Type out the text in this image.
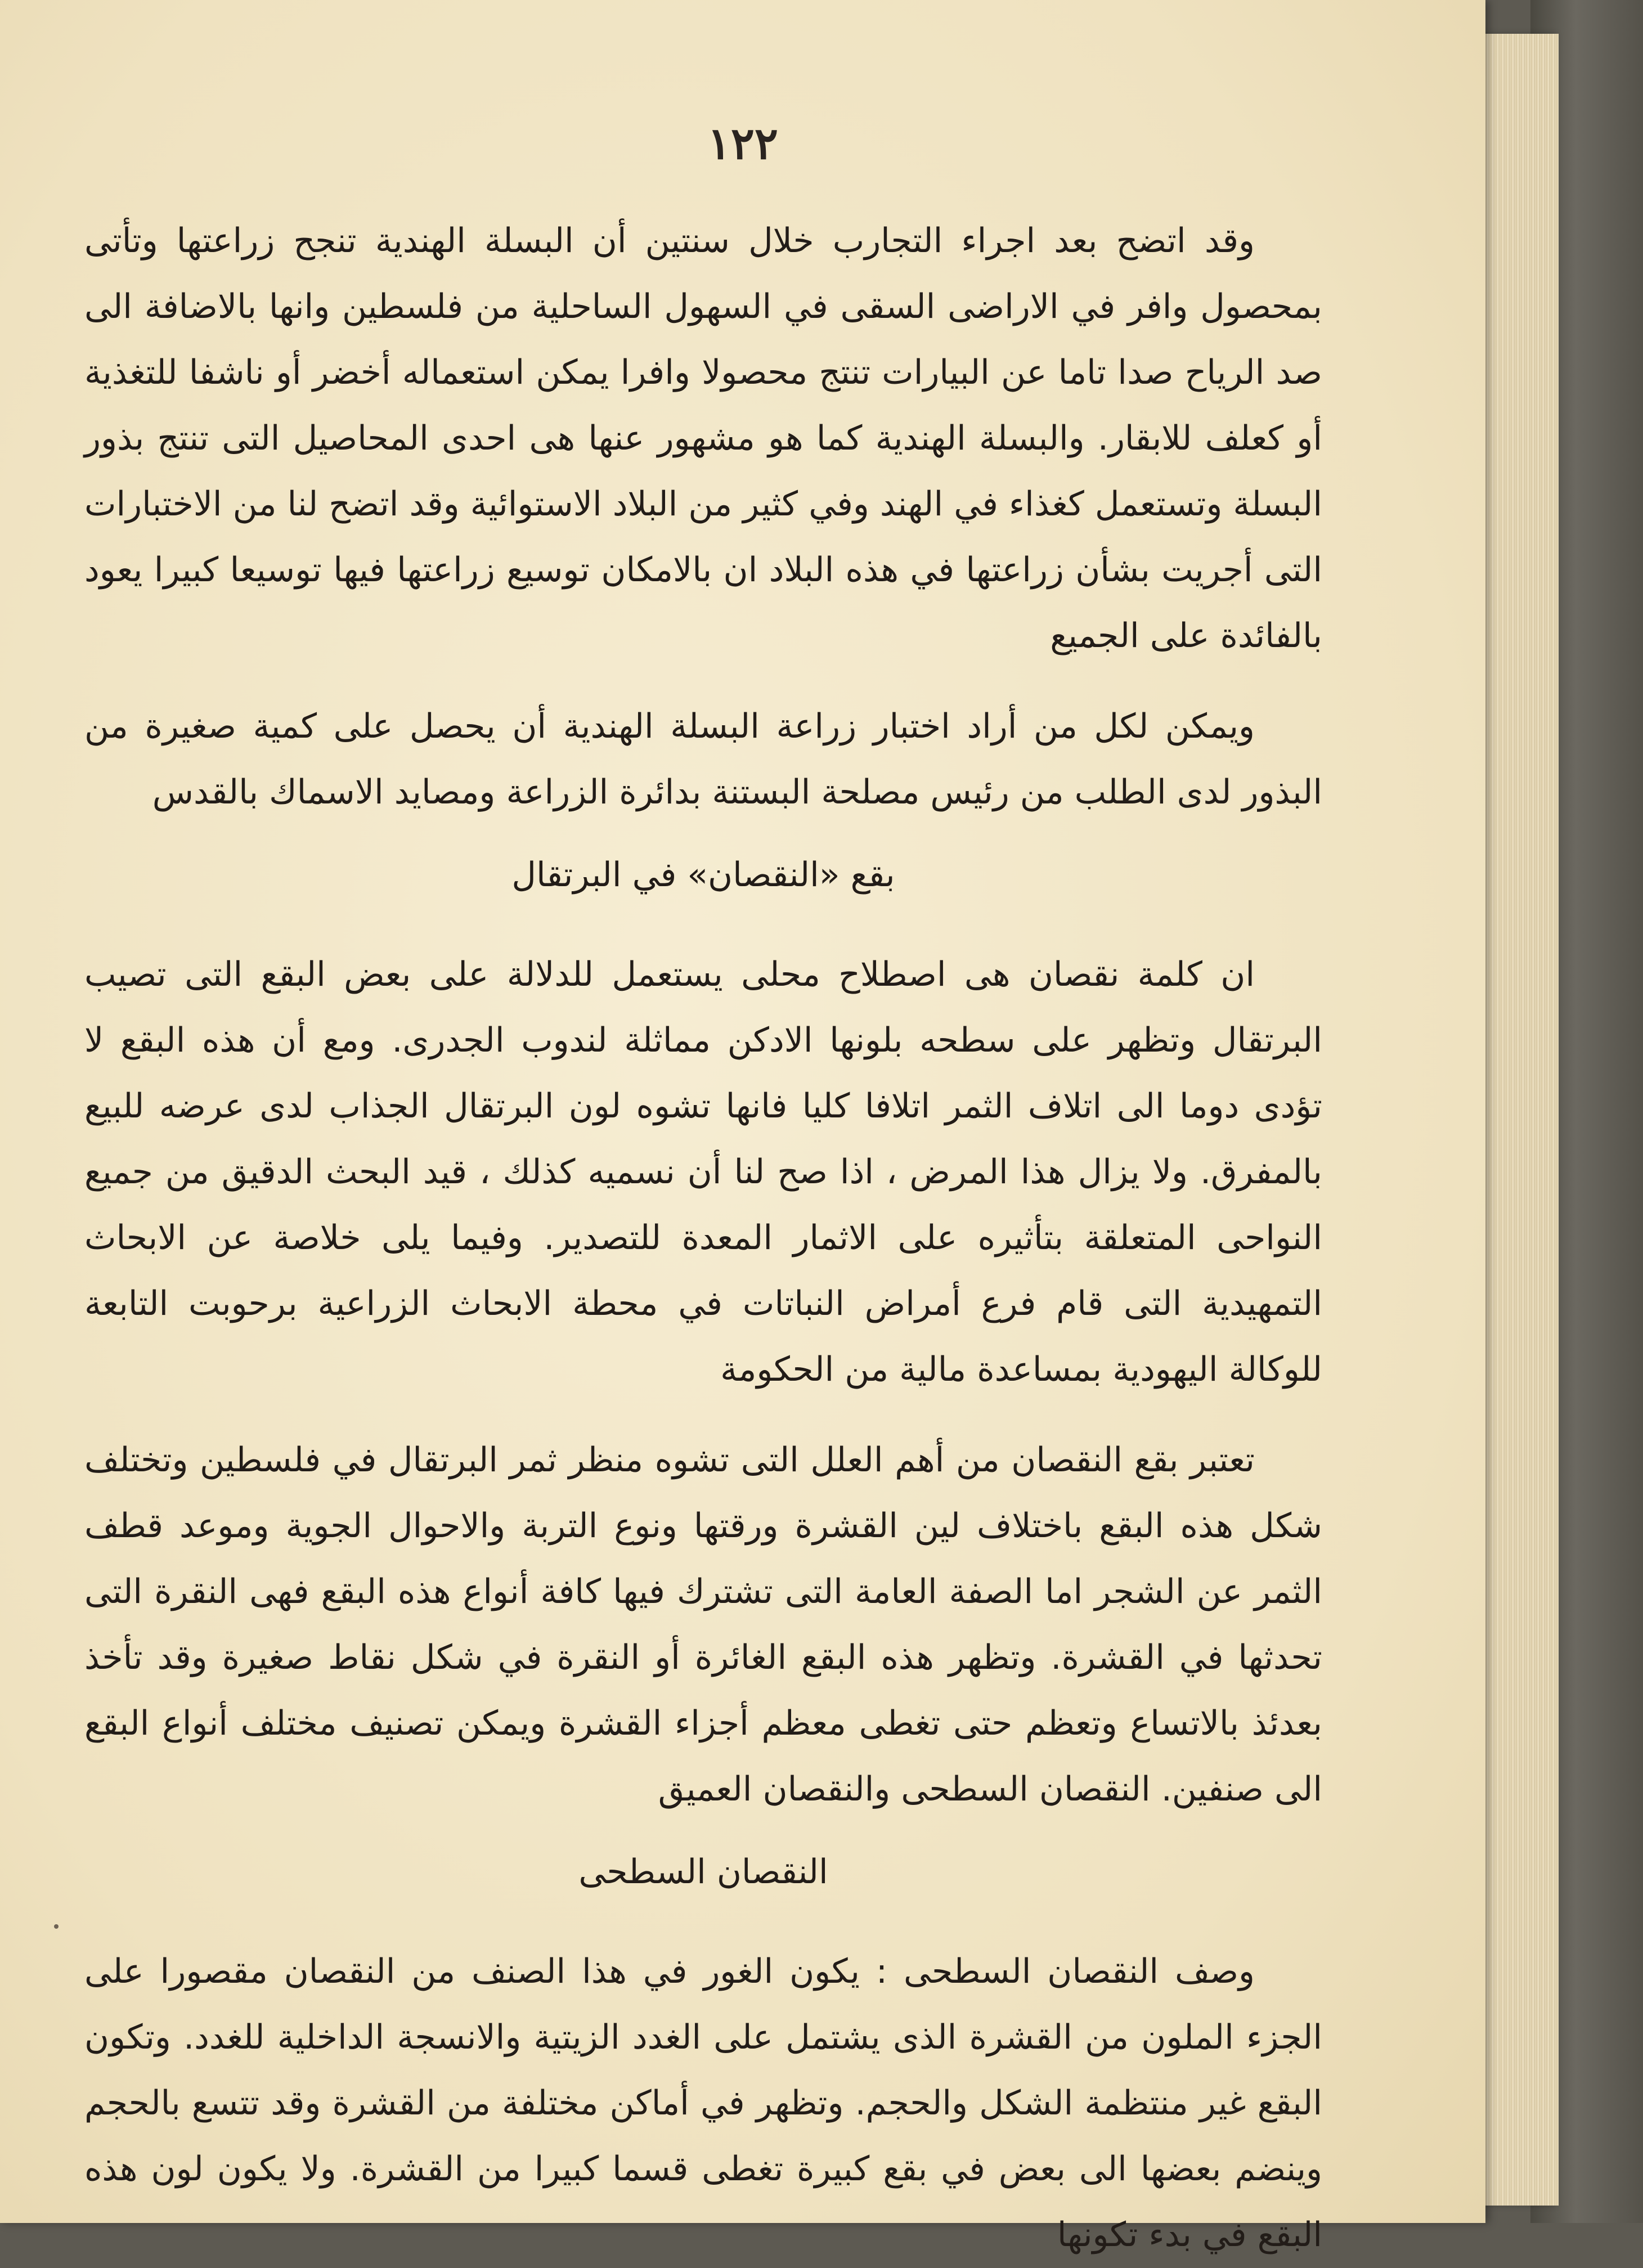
١٢٢

وقد اتضح بعد اجراء التجارب خلال سنتين أن البسلة الهندية تنجح زراعتها وتأتى بمحصول وافر في الاراضى السقى في السهول الساحلية من فلسطين وانها بالاضافة الى صد الرياح صدا تاما عن البيارات تنتج محصولا وافرا يمكن استعماله أخضر أو ناشفا للتغذية أو كعلف للابقار. والبسلة الهندية كما هو مشهور عنها هى احدى المحاصيل التى تنتج بذور البسلة وتستعمل كغذاء في الهند وفي كثير من البلاد الاستوائية وقد اتضح لنا من الاختبارات التى أجريت بشأن زراعتها في هذه البلاد ان بالامكان توسيع زراعتها فيها توسيعا كبيرا يعود بالفائدة على الجميع

ويمكن لكل من أراد اختبار زراعة البسلة الهندية أن يحصل على كمية صغيرة من البذور لدى الطلب من رئيس مصلحة البستنة بدائرة الزراعة ومصايد الاسماك بالقدس

بقع «النقصان» في البرتقال

ان كلمة نقصان هى اصطلاح محلى يستعمل للدلالة على بعض البقع التى تصيب البرتقال وتظهر على سطحه بلونها الادكن مماثلة لندوب الجدرى. ومع أن هذه البقع لا تؤدى دوما الى اتلاف الثمر اتلافا كليا فانها تشوه لون البرتقال الجذاب لدى عرضه للبيع بالمفرق. ولا يزال هذا المرض ، اذا صح لنا أن نسميه كذلك ، قيد البحث الدقيق من جميع النواحى المتعلقة بتأثيره على الاثمار المعدة للتصدير. وفيما يلى خلاصة عن الابحاث التمهيدية التى قام فرع أمراض النباتات في محطة الابحاث الزراعية برحوبت التابعة للوكالة اليهودية بمساعدة مالية من الحكومة

تعتبر بقع النقصان من أهم العلل التى تشوه منظر ثمر البرتقال في فلسطين وتختلف شكل هذه البقع باختلاف لين القشرة ورقتها ونوع التربة والاحوال الجوية وموعد قطف الثمر عن الشجر اما الصفة العامة التى تشترك فيها كافة أنواع هذه البقع فهى النقرة التى تحدثها في القشرة. وتظهر هذه البقع الغائرة أو النقرة في شكل نقاط صغيرة وقد تأخذ بعدئذ بالاتساع وتعظم حتى تغطى معظم أجزاء القشرة ويمكن تصنيف مختلف أنواع البقع الى صنفين. النقصان السطحى والنقصان العميق

النقصان السطحى

وصف النقصان السطحى : يكون الغور في هذا الصنف من النقصان مقصورا على الجزء الملون من القشرة الذى يشتمل على الغدد الزيتية والانسجة الداخلية للغدد. وتكون البقع غير منتظمة الشكل والحجم. وتظهر في أماكن مختلفة من القشرة وقد تتسع بالحجم وينضم بعضها الى بعض في بقع كبيرة تغطى قسما كبيرا من القشرة. ولا يكون لون هذه البقع في بدء تكونها
